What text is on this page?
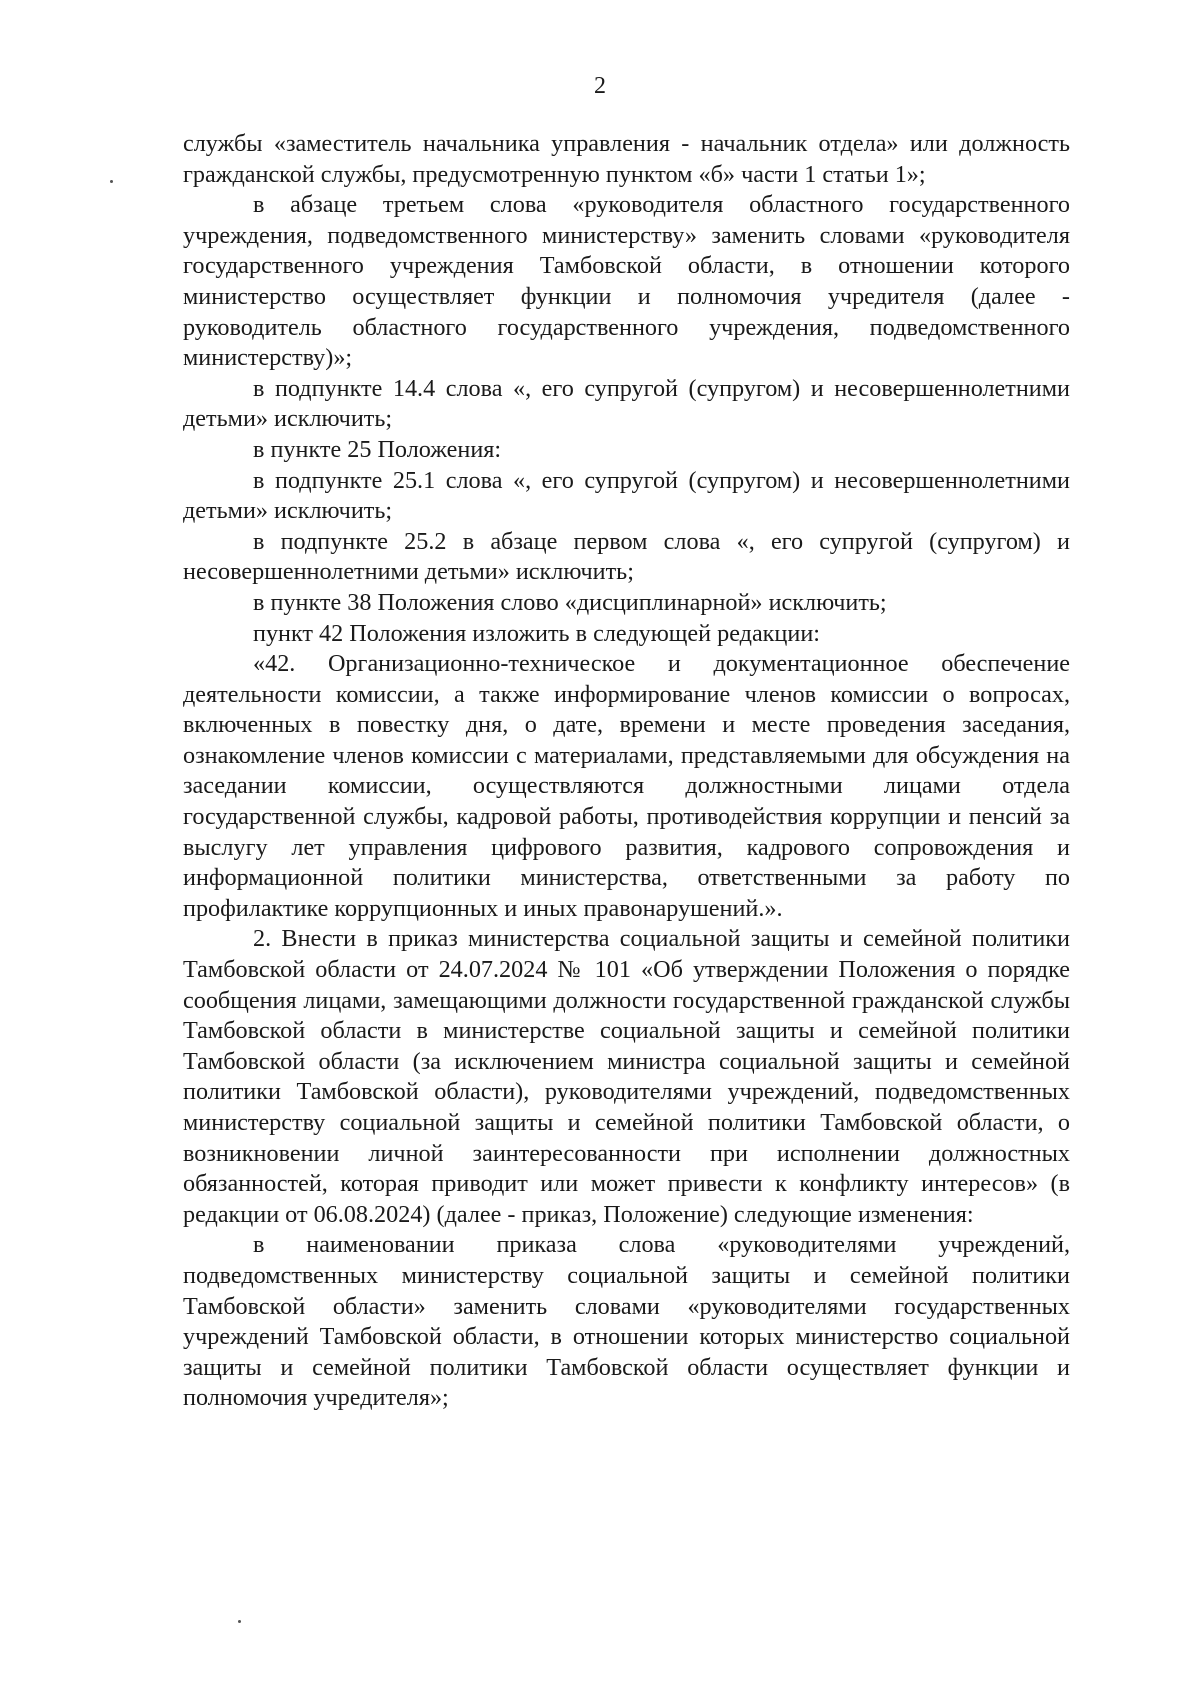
2

службы «заместитель начальника управления - начальник отдела» или должность гражданской службы, предусмотренную пунктом «б» части 1 статьи 1»;

в абзаце третьем слова «руководителя областного государственного учреждения, подведомственного министерству» заменить словами «руководителя государственного учреждения Тамбовской области, в отношении которого министерство осуществляет функции и полномочия учредителя (далее - руководитель областного государственного учреждения, подведомственного министерству)»;

в подпункте 14.4 слова «, его супругой (супругом) и несовершеннолетними детьми» исключить;

в пункте 25 Положения:

в подпункте 25.1 слова «, его супругой (супругом) и несовершеннолетними детьми» исключить;

в подпункте 25.2 в абзаце первом слова «, его супругой (супругом) и несовершеннолетними детьми» исключить;

в пункте 38 Положения слово «дисциплинарной» исключить;

пункт 42 Положения изложить в следующей редакции:

«42. Организационно-техническое и документационное обеспечение деятельности комиссии, а также информирование членов комиссии о вопросах, включенных в повестку дня, о дате, времени и месте проведения заседания, ознакомление членов комиссии с материалами, представляемыми для обсуждения на заседании комиссии, осуществляются должностными лицами отдела государственной службы, кадровой работы, противодействия коррупции и пенсий за выслугу лет управления цифрового развития, кадрового сопровождения и информационной политики министерства, ответственными за работу по профилактике коррупционных и иных правонарушений.».

2. Внести в приказ министерства социальной защиты и семейной политики Тамбовской области от 24.07.2024 № 101 «Об утверждении Положения о порядке сообщения лицами, замещающими должности государственной гражданской службы Тамбовской области в министерстве социальной защиты и семейной политики Тамбовской области (за исключением министра социальной защиты и семейной политики Тамбовской области), руководителями учреждений, подведомственных министерству социальной защиты и семейной политики Тамбовской области, о возникновении личной заинтересованности при исполнении должностных обязанностей, которая приводит или может привести к конфликту интересов» (в редакции от 06.08.2024) (далее - приказ, Положение) следующие изменения:

в наименовании приказа слова «руководителями учреждений, подведомственных министерству социальной защиты и семейной политики Тамбовской области» заменить словами «руководителями государственных учреждений Тамбовской области, в отношении которых министерство социальной защиты и семейной политики Тамбовской области осуществляет функции и полномочия учредителя»;
